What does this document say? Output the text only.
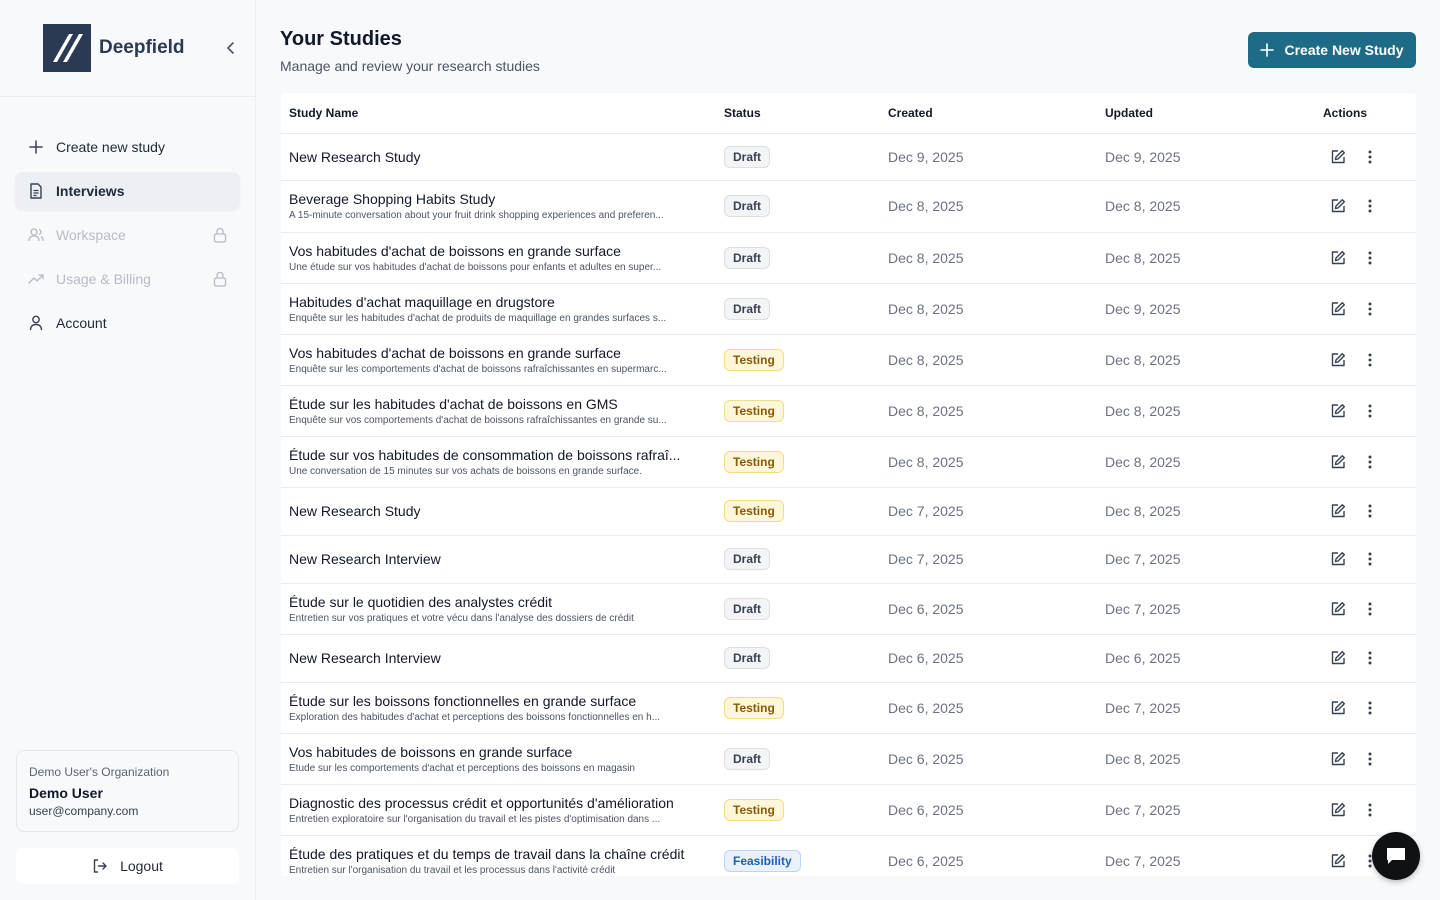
Deepfield
Create new study
Interviews
Workspace
Usage & Billing
Account
Demo User's Organization
Demo User
user@company.com
Logout
Your Studies

Manage and review your research studies

Create New Study
Study Name	Status	Created	Updated	Actions

New Research Study	Draft	Dec 9, 2025	Dec 9, 2025	

Beverage Shopping Habits Study
A 15-minute conversation about your fruit drink shopping experiences and preferen...	Draft	Dec 8, 2025	Dec 8, 2025	

Vos habitudes d'achat de boissons en grande surface
Une étude sur vos habitudes d'achat de boissons pour enfants et adultes en super...	Draft	Dec 8, 2025	Dec 8, 2025	

Habitudes d'achat maquillage en drugstore
Enquête sur les habitudes d'achat de produits de maquillage en grandes surfaces s...	Draft	Dec 8, 2025	Dec 9, 2025	

Vos habitudes d'achat de boissons en grande surface
Enquête sur les comportements d'achat de boissons rafraîchissantes en supermarc...	Testing	Dec 8, 2025	Dec 8, 2025	

Étude sur les habitudes d'achat de boissons en GMS
Enquête sur vos comportements d'achat de boissons rafraîchissantes en grande su...	Testing	Dec 8, 2025	Dec 8, 2025	

Étude sur vos habitudes de consommation de boissons rafraî...
Une conversation de 15 minutes sur vos achats de boissons en grande surface.	Testing	Dec 8, 2025	Dec 8, 2025	

New Research Study	Testing	Dec 7, 2025	Dec 8, 2025	

New Research Interview	Draft	Dec 7, 2025	Dec 7, 2025	

Étude sur le quotidien des analystes crédit
Entretien sur vos pratiques et votre vécu dans l'analyse des dossiers de crédit	Draft	Dec 6, 2025	Dec 7, 2025	

New Research Interview	Draft	Dec 6, 2025	Dec 6, 2025	

Étude sur les boissons fonctionnelles en grande surface
Exploration des habitudes d'achat et perceptions des boissons fonctionnelles en h...	Testing	Dec 6, 2025	Dec 7, 2025	

Vos habitudes de boissons en grande surface
Étude sur les comportements d'achat et perceptions des boissons en magasin	Draft	Dec 6, 2025	Dec 8, 2025	

Diagnostic des processus crédit et opportunités d'amélioration
Entretien exploratoire sur l'organisation du travail et les pistes d'optimisation dans ...	Testing	Dec 6, 2025	Dec 7, 2025	

Étude des pratiques et du temps de travail dans la chaîne crédit
Entretien sur l'organisation du travail et les processus dans l'activité crédit	Feasibility	Dec 6, 2025	Dec 7, 2025	
